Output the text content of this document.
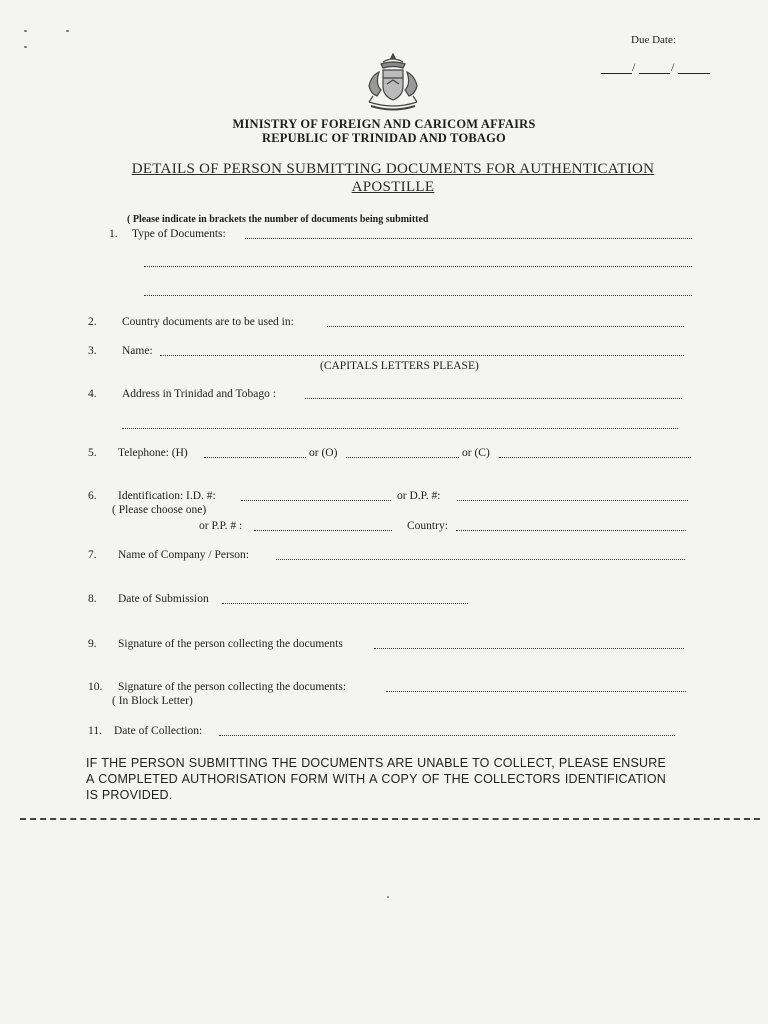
Due Date:
/	/
MINISTRY OF FOREIGN AND CARICOM AFFAIRS
REPUBLIC OF TRINIDAD AND TOBAGO
DETAILS OF PERSON SUBMITTING DOCUMENTS FOR AUTHENTICATION
APOSTILLE
( Please indicate in brackets the number of documents being submitted
1. Type of Documents:
2. Country documents are to be used in:
3. Name:
(CAPITALS LETTERS PLEASE)
4. Address in Trinidad and Tobago :
5. Telephone: (H)	or (O)	or (C)
6. Identification: I.D. #:	or D.P. #:
( Please choose one)
or P.P. # :	Country:
7. Name of Company / Person:
8. Date of Submission
9. Signature of the person collecting the documents
10. Signature of the person collecting the documents:
( In Block Letter)
11. Date of Collection:
IF THE PERSON SUBMITTING THE DOCUMENTS ARE UNABLE TO COLLECT, PLEASE ENSURE A COMPLETED AUTHORISATION FORM WITH A COPY OF THE COLLECTORS IDENTIFICATION IS PROVIDED.
